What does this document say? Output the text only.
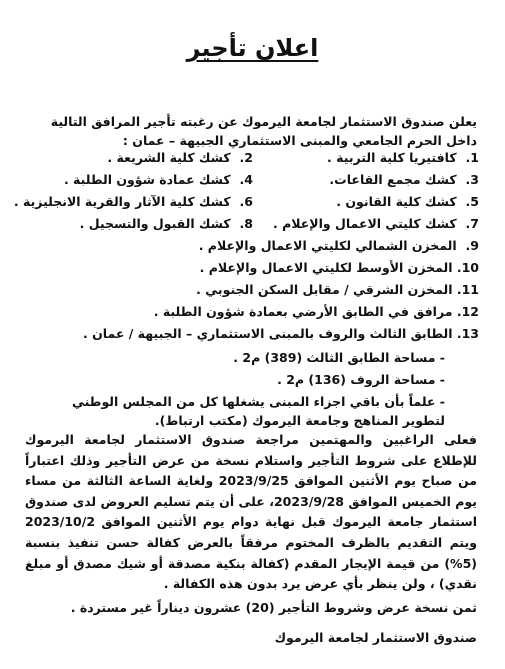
اعلان تأجير
يعلن صندوق الاستثمار لجامعة اليرموك عن رغبته تأجير المرافق التالية داخل الحرم الجامعي والمبنى الاستثماري الجبيهة – عمان :
1. كافتيريا كلية التربية .
2. كشك كلية الشريعة .
3. كشك مجمع القاعات.
4. كشك عمادة شؤون الطلبة .
5. كشك كلية القانون .
6. كشك كلية الآثار والقرية الانجليزية .
7. كشك كليتي الاعمال والإعلام .
8. كشك القبول والتسجيل .
9. المخزن الشمالي لكليتي الاعمال والإعلام .
10. المخزن الأوسط لكليتي الاعمال والإعلام .
11. المخزن الشرقي / مقابل السكن الجنوبي .
12. مرافق في الطابق الأرضي بعمادة شؤون الطلبة .
13. الطابق الثالث والروف بالمبنى الاستثماري – الجبيهة / عمان .
- مساحة الطابق الثالث (389) م2 .
- مساحة الروف (136) م2 .
- علماً بأن باقي اجزاء المبنى يشغلها كل من المجلس الوطني لتطوير المناهج وجامعة اليرموك (مكتب ارتباط).
فعلى الراغبين والمهتمين مراجعة صندوق الاستثمار لجامعة اليرموك للإطلاع على شروط التأجير واستلام نسخة من عرض التأجير وذلك اعتباراً من صباح يوم الأثنين الموافق 2023/9/25 ولغاية الساعة الثالثة من مساء يوم الخميس الموافق 2023/9/28، على أن يتم تسليم العروض لدى صندوق استثمار جامعة اليرموك قبل نهاية دوام يوم الأثنين الموافق 2023/10/2 ويتم التقديم بالظرف المختوم مرفقاً بالعرض كفالة حسن تنفيذ بنسبة (5%) من قيمة الإيجار المقدم (كفالة بنكية مصدقة أو شيك مصدق أو مبلغ نقدي) ، ولن ينظر بأي عرض يرد بدون هذه الكفالة .
ثمن نسخة عرض وشروط التأجير (20) عشرون ديناراً غير مستردة .
صندوق الاستثمار لجامعة اليرموك
